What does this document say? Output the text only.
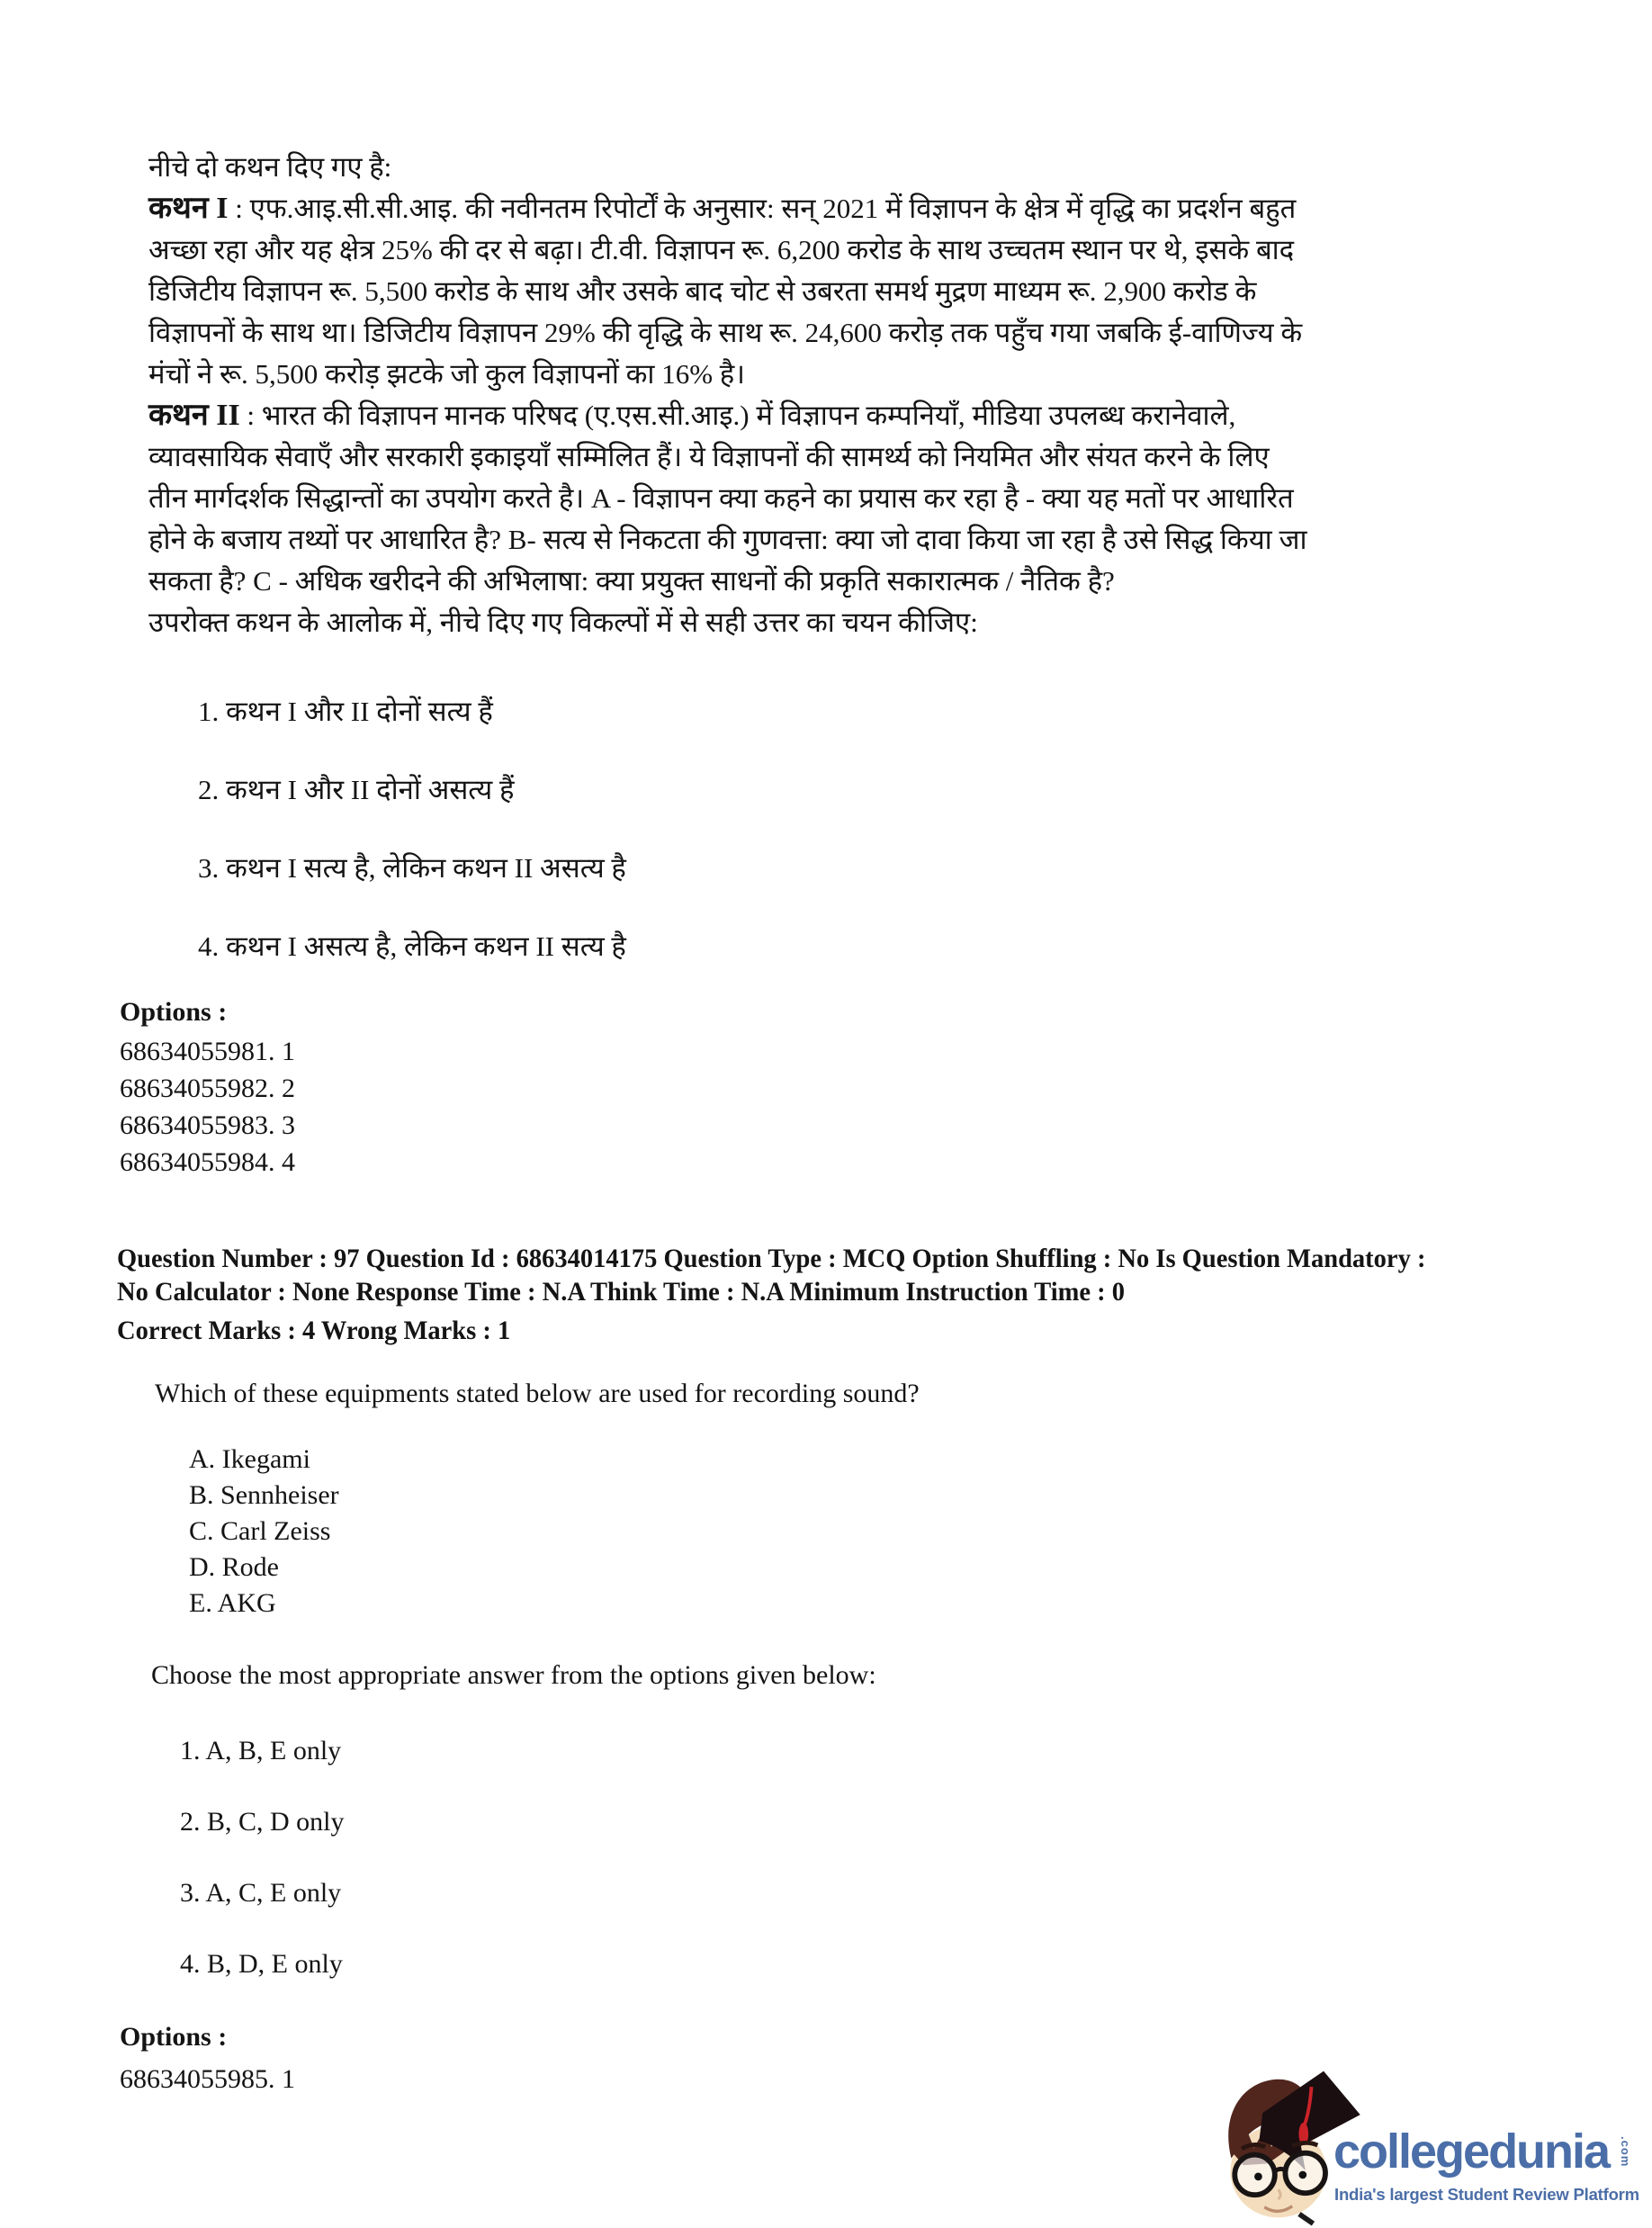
नीचे दो कथन दिए गए है:
कथन I : एफ.आइ.सी.सी.आइ. की नवीनतम रिपोर्टों के अनुसार: सन् 2021 में विज्ञापन के क्षेत्र में वृद्धि का प्रदर्शन बहुत
अच्छा रहा और यह क्षेत्र 25% की दर से बढ़ा। टी.वी. विज्ञापन रू. 6,200 करोड के साथ उच्चतम स्थान पर थे, इसके बाद
डिजिटीय विज्ञापन रू. 5,500 करोड के साथ और उसके बाद चोट से उबरता समर्थ मुद्रण माध्यम रू. 2,900 करोड के
विज्ञापनों के साथ था। डिजिटीय विज्ञापन 29% की वृद्धि के साथ रू. 24,600 करोड़ तक पहुँच गया जबकि ई-वाणिज्य के
मंचों ने रू. 5,500 करोड़ झटके जो कुल विज्ञापनों का 16% है।
कथन II : भारत की विज्ञापन मानक परिषद (ए.एस.सी.आइ.) में विज्ञापन कम्पनियाँ, मीडिया उपलब्ध करानेवाले,
व्यावसायिक सेवाएँ और सरकारी इकाइयाँ सम्मिलित हैं। ये विज्ञापनों की सामर्थ्य को नियमित और संयत करने के लिए
तीन मार्गदर्शक सिद्धान्तों का उपयोग करते है। A - विज्ञापन क्या कहने का प्रयास कर रहा है - क्या यह मतों पर आधारित
होने के बजाय तथ्यों पर आधारित है? B- सत्य से निकटता की गुणवत्ता: क्या जो दावा किया जा रहा है उसे सिद्ध किया जा
सकता है? C - अधिक खरीदने की अभिलाषा: क्या प्रयुक्त साधनों की प्रकृति सकारात्मक / नैतिक है?
उपरोक्त कथन के आलोक में, नीचे दिए गए विकल्पों में से सही उत्तर का चयन कीजिए:
1. कथन I और II दोनों सत्य हैं
2. कथन I और II दोनों असत्य हैं
3. कथन I सत्य है, लेकिन कथन II असत्य है
4. कथन I असत्य है, लेकिन कथन II सत्य है
Options :
68634055981. 1
68634055982. 2
68634055983. 3
68634055984. 4
Question Number : 97 Question Id : 68634014175 Question Type : MCQ Option Shuffling : No Is Question Mandatory :
No Calculator : None Response Time : N.A Think Time : N.A Minimum Instruction Time : 0
Correct Marks : 4 Wrong Marks : 1
Which of these equipments stated below are used for recording sound?
A. Ikegami
B. Sennheiser
C. Carl Zeiss
D. Rode
E. AKG
Choose the most appropriate answer from the options given below:
1. A, B, E only
2. B, C, D only
3. A, C, E only
4. B, D, E only
Options :
68634055985. 1
collegedunia .com
India's largest Student Review Platform
